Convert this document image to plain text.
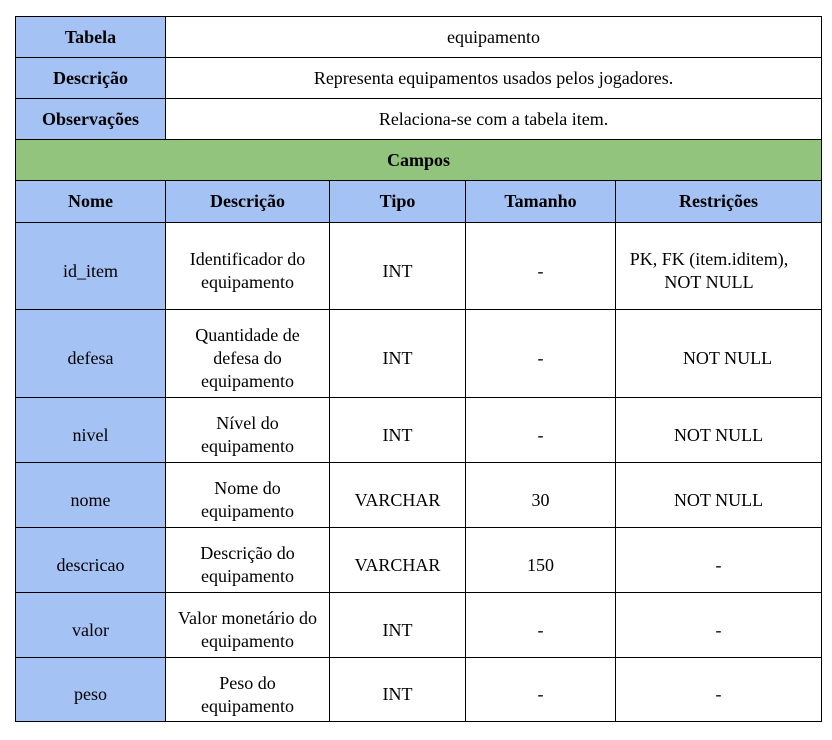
Tabela	equipamento			
Descrição	Representa equipamentos usados pelos jogadores.			
Observações	Relaciona-se com a tabela item.			
Campos				
Nome	Descrição	Tipo	Tamanho	Restrições

id_item	Identificador do equipamento	INT	-	PK, FK (item.iditem), NOT NULL

defesa	Quantidade de defesa do equipamento	INT	-	NOT NULL

nivel	Nível do equipamento	INT	-	NOT NULL

nome	Nome do equipamento	VARCHAR	30	NOT NULL

descricao	Descrição do equipamento	VARCHAR	150	-

valor	Valor monetário do equipamento	INT	-	-

peso	Peso do equipamento	INT	-	-
